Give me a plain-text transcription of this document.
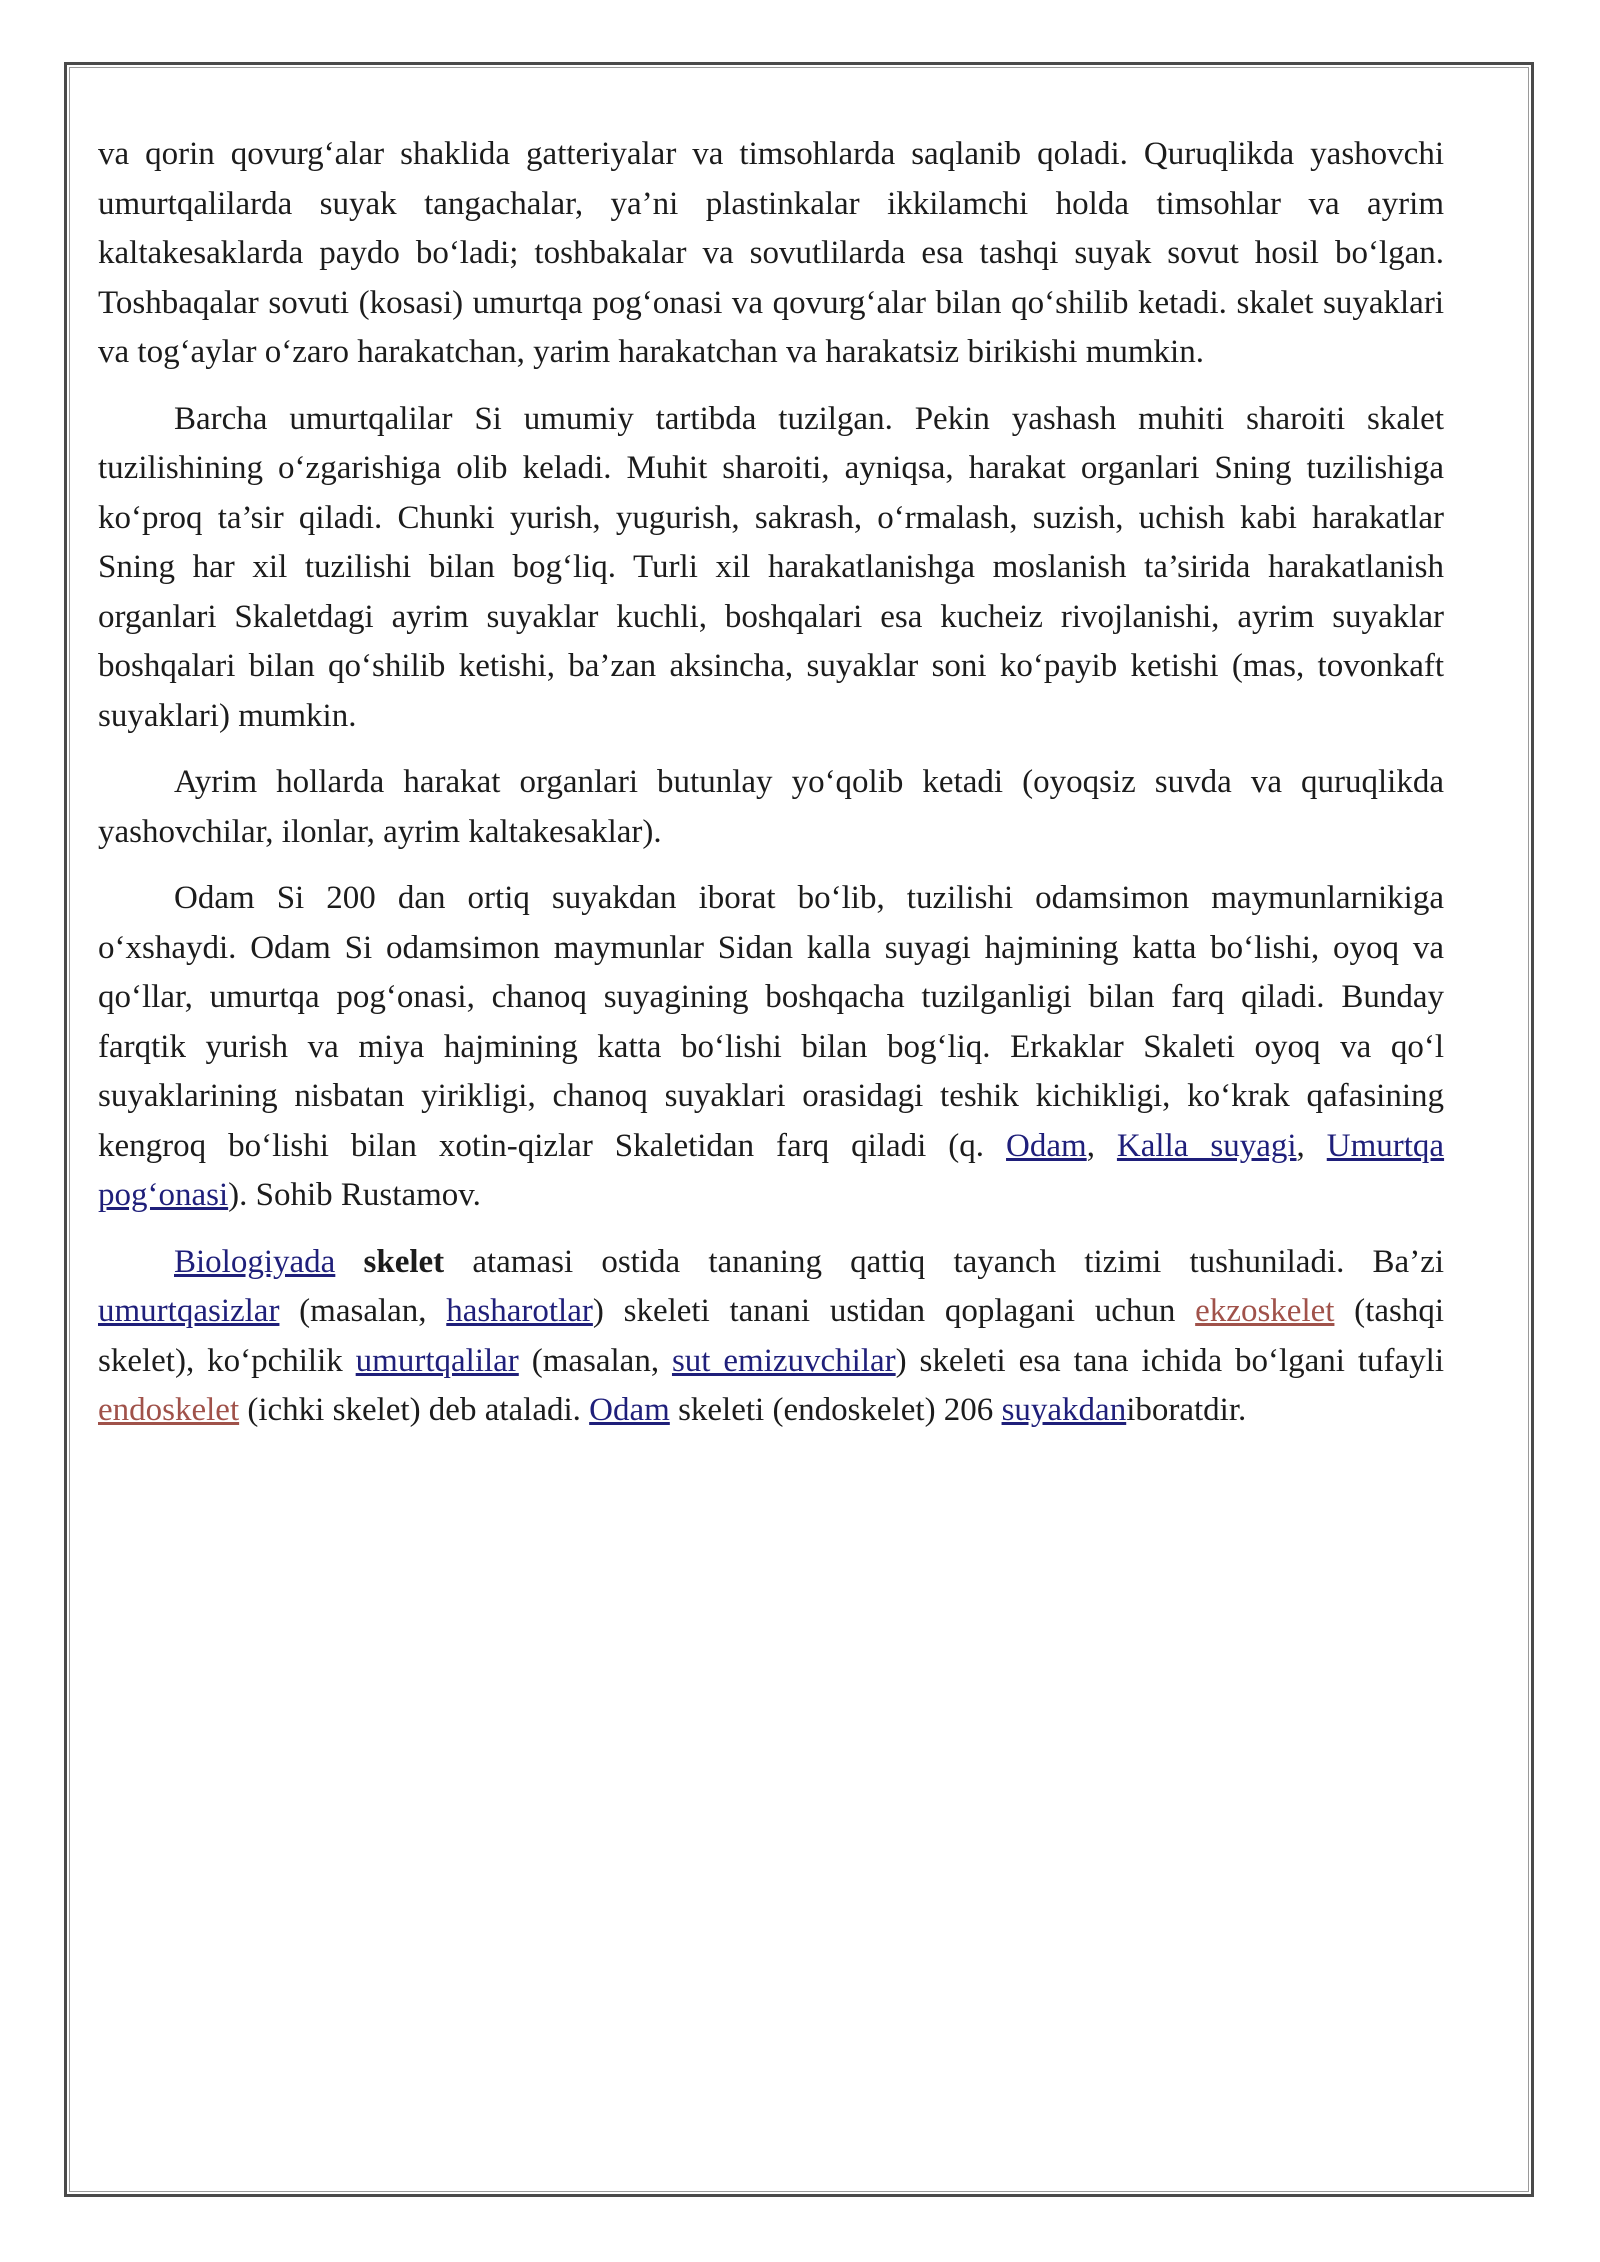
va qorin qovurg‘alar shaklida gatteriyalar va timsohlarda saqlanib qoladi. Quruqlikda yashovchi umurtqalilarda suyak tangachalar, ya’ni plastinkalar ikkilamchi holda timsohlar va ayrim kaltakesaklarda paydo bo‘ladi; toshbakalar va sovutlilarda esa tashqi suyak sovut hosil bo‘lgan. Toshbaqalar sovuti (kosasi) umurtqa pog‘onasi va qovurg‘alar bilan qo‘shilib ketadi. skalet suyaklari va tog‘aylar o‘zaro harakatchan, yarim harakatchan va harakatsiz birikishi mumkin.

Barcha umurtqalilar Si umumiy tartibda tuzilgan. Pekin yashash muhiti sharoiti skalet tuzilishining o‘zgarishiga olib keladi. Muhit sharoiti, ayniqsa, harakat organlari Sning tuzilishiga ko‘proq ta’sir qiladi. Chunki yurish, yugurish, sakrash, o‘rmalash, suzish, uchish kabi harakatlar Sning har xil tuzilishi bilan bog‘liq. Turli xil harakatlanishga moslanish ta’sirida harakatlanish organlari Skaletdagi ayrim suyaklar kuchli, boshqalari esa kucheiz rivojlanishi, ayrim suyaklar boshqalari bilan qo‘shilib ketishi, ba’zan aksincha, suyaklar soni ko‘payib ketishi (mas, tovonkaft suyaklari) mumkin.

Ayrim hollarda harakat organlari butunlay yo‘qolib ketadi (oyoqsiz suvda va quruqlikda yashovchilar, ilonlar, ayrim kaltakesaklar).

Odam Si 200 dan ortiq suyakdan iborat bo‘lib, tuzilishi odamsimon maymunlarnikiga o‘xshaydi. Odam Si odamsimon maymunlar Sidan kalla suyagi hajmining katta bo‘lishi, oyoq va qo‘llar, umurtqa pog‘onasi, chanoq suyagining boshqacha tuzilganligi bilan farq qiladi. Bunday farqtik yurish va miya hajmining katta bo‘lishi bilan bog‘liq. Erkaklar Skaleti oyoq va qo‘l suyaklarining nisbatan yirikligi, chanoq suyaklari orasidagi teshik kichikligi, ko‘krak qafasining kengroq bo‘lishi bilan xotin-qizlar Skaletidan farq qiladi (q. Odam, Kalla suyagi, Umurtqa pog‘onasi). Sohib Rustamov.

Biologiyada skelet atamasi ostida tananing qattiq tayanch tizimi tushuniladi. Ba’zi umurtqasizlar (masalan, hasharotlar) skeleti tanani ustidan qoplagani uchun ekzoskelet (tashqi skelet), ko‘pchilik umurtqalilar (masalan, sut emizuvchilar) skeleti esa tana ichida bo‘lgani tufayli endoskelet (ichki skelet) deb ataladi. Odam skeleti (endoskelet) 206 suyakdaniboratdir.
